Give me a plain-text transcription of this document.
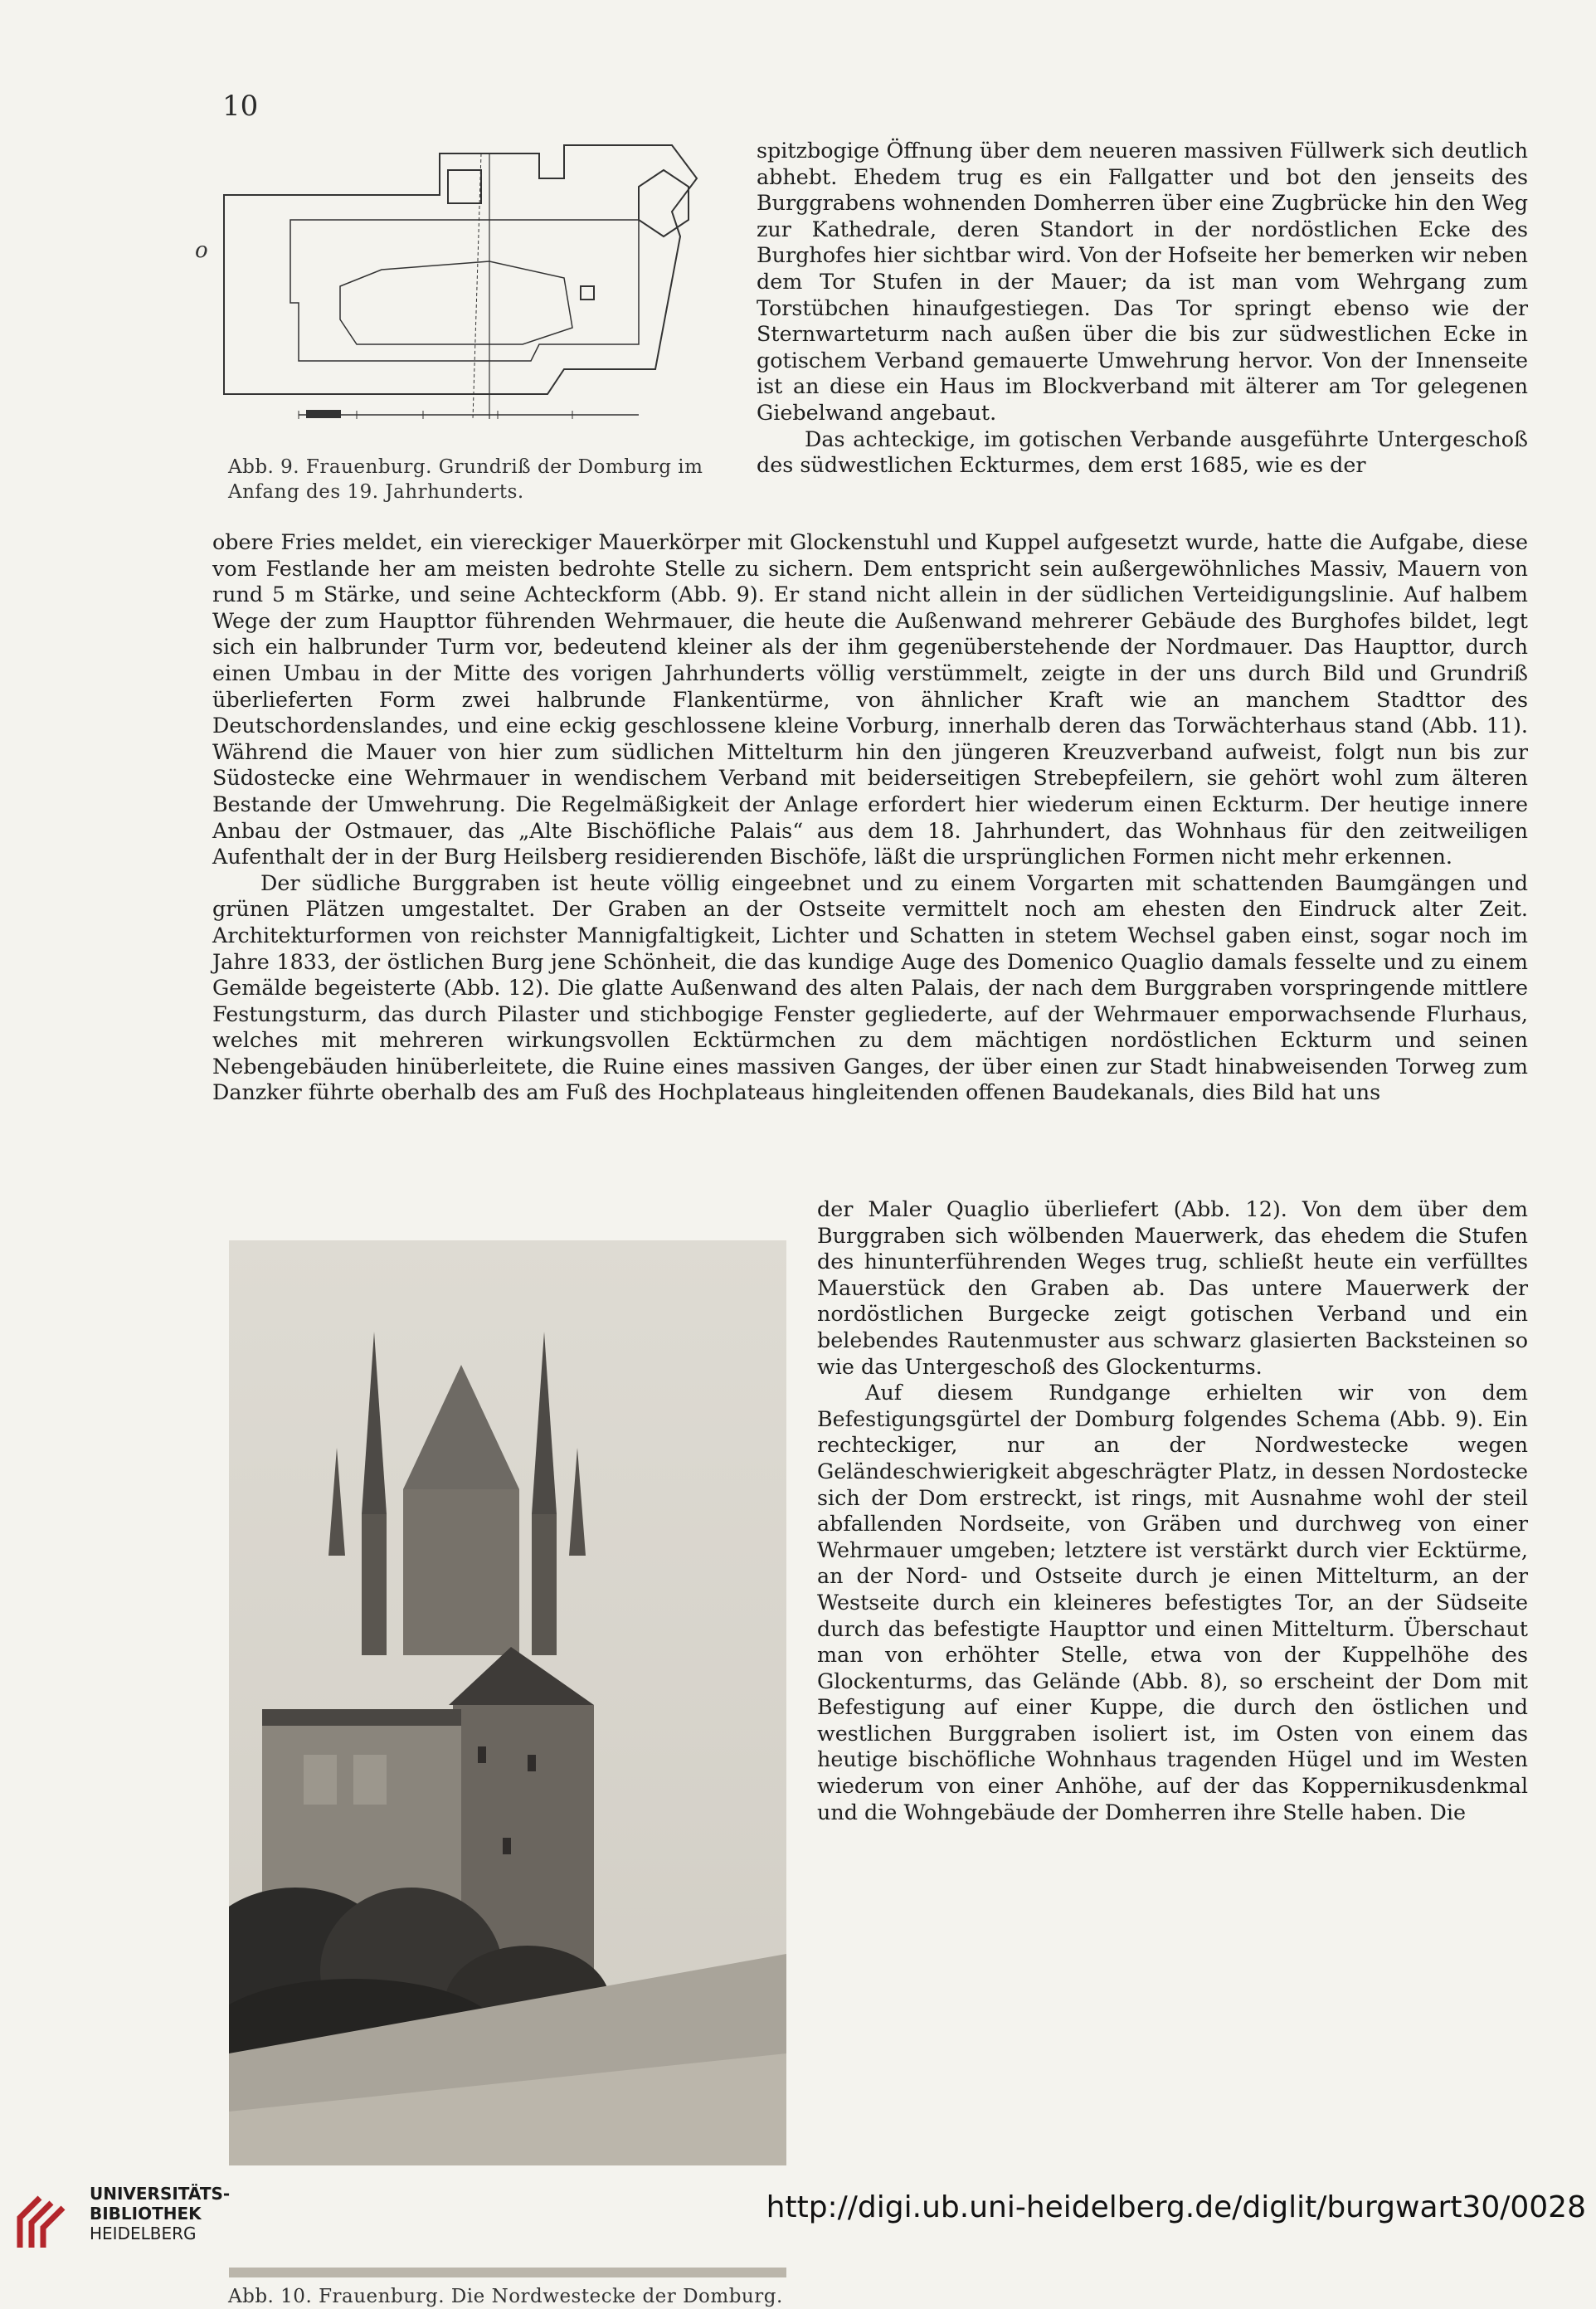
10
o
Abb. 9. Frauenburg. Grundriß der Domburg im Anfang des 19. Jahrhunderts.

spitzbogige Öffnung über dem neueren massiven Füllwerk sich deutlich abhebt. Ehedem trug es ein Fallgatter und bot den jenseits des Burggrabens wohnenden Domherren über eine Zugbrücke hin den Weg zur Kathedrale, deren Standort in der nordöstlichen Ecke des Burghofes hier sichtbar wird. Von der Hofseite her bemerken wir neben dem Tor Stufen in der Mauer; da ist man vom Wehrgang zum Torstübchen hinaufgestiegen. Das Tor springt ebenso wie der Sternwarteturm nach außen über die bis zur südwestlichen Ecke in gotischem Verband gemauerte Umwehrung hervor. Von der Innenseite ist an diese ein Haus im Blockverband mit älterer am Tor gelegenen Giebelwand angebaut.

Das achteckige, im gotischen Verbande ausgeführte Untergeschoß des südwestlichen Eckturmes, dem erst 1685, wie es der

obere Fries meldet, ein viereckiger Mauerkörper mit Glockenstuhl und Kuppel aufgesetzt wurde, hatte die Aufgabe, diese vom Festlande her am meisten bedrohte Stelle zu sichern. Dem entspricht sein außergewöhnliches Massiv, Mauern von rund 5 m Stärke, und seine Achteckform (Abb. 9). Er stand nicht allein in der südlichen Verteidigungslinie. Auf halbem Wege der zum Haupttor führenden Wehrmauer, die heute die Außenwand mehrerer Gebäude des Burghofes bildet, legt sich ein halbrunder Turm vor, bedeutend kleiner als der ihm gegenüberstehende der Nordmauer. Das Haupttor, durch einen Umbau in der Mitte des vorigen Jahrhunderts völlig verstümmelt, zeigte in der uns durch Bild und Grundriß überlieferten Form zwei halbrunde Flankentürme, von ähnlicher Kraft wie an manchem Stadttor des Deutschordenslandes, und eine eckig geschlossene kleine Vorburg, innerhalb deren das Torwächterhaus stand (Abb. 11). Während die Mauer von hier zum südlichen Mittelturm hin den jüngeren Kreuzverband aufweist, folgt nun bis zur Südostecke eine Wehrmauer in wendischem Verband mit beiderseitigen Strebepfeilern, sie gehört wohl zum älteren Bestande der Umwehrung. Die Regelmäßigkeit der Anlage erfordert hier wiederum einen Eckturm. Der heutige innere Anbau der Ostmauer, das „Alte Bischöfliche Palais“ aus dem 18. Jahrhundert, das Wohnhaus für den zeitweiligen Aufenthalt der in der Burg Heilsberg residierenden Bischöfe, läßt die ursprünglichen Formen nicht mehr erkennen.

Der südliche Burggraben ist heute völlig eingeebnet und zu einem Vorgarten mit schattenden Baumgängen und grünen Plätzen umgestaltet. Der Graben an der Ostseite vermittelt noch am ehesten den Eindruck alter Zeit. Architekturformen von reichster Mannigfaltigkeit, Lichter und Schatten in stetem Wechsel gaben einst, sogar noch im Jahre 1833, der östlichen Burg jene Schönheit, die das kundige Auge des Domenico Quaglio damals fesselte und zu einem Gemälde begeisterte (Abb. 12). Die glatte Außenwand des alten Palais, der nach dem Burggraben vorspringende mittlere Festungsturm, das durch Pilaster und stichbogige Fenster gegliederte, auf der Wehrmauer emporwachsende Flurhaus, welches mit mehreren wirkungsvollen Ecktürmchen zu dem mächtigen nordöstlichen Eckturm und seinen Nebengebäuden hinüberleitete, die Ruine eines massiven Ganges, der über einen zur Stadt hinabweisenden Torweg zum Danzker führte oberhalb des am Fuß des Hochplateaus hingleitenden offenen Baudekanals, dies Bild hat uns

Abb. 10. Frauenburg. Die Nordwestecke der Domburg.

der Maler Quaglio überliefert (Abb. 12). Von dem über dem Burggraben sich wölbenden Mauerwerk, das ehedem die Stufen des hinunterführenden Weges trug, schließt heute ein verfülltes Mauerstück den Graben ab. Das untere Mauerwerk der nordöstlichen Burgecke zeigt gotischen Verband und ein belebendes Rautenmuster aus schwarz glasierten Backsteinen so wie das Untergeschoß des Glockenturms.

Auf diesem Rundgange erhielten wir von dem Befestigungsgürtel der Domburg folgendes Schema (Abb. 9). Ein rechteckiger, nur an der Nordwestecke wegen Geländeschwierigkeit abgeschrägter Platz, in dessen Nordostecke sich der Dom erstreckt, ist rings, mit Ausnahme wohl der steil abfallenden Nordseite, von Gräben und durchweg von einer Wehrmauer umgeben; letztere ist verstärkt durch vier Ecktürme, an der Nord- und Ostseite durch je einen Mittelturm, an der Westseite durch ein kleineres befestigtes Tor, an der Südseite durch das befestigte Haupttor und einen Mittelturm. Überschaut man von erhöhter Stelle, etwa von der Kuppelhöhe des Glockenturms, das Gelände (Abb. 8), so erscheint der Dom mit Befestigung auf einer Kuppe, die durch den östlichen und westlichen Burggraben isoliert ist, im Osten von einem das heutige bischöfliche Wohnhaus tragenden Hügel und im Westen wiederum von einer Anhöhe, auf der das Koppernikusdenkmal und die Wohngebäude der Domherren ihre Stelle haben. Die

UNIVERSITÄTS-
BIBLIOTHEK
HEIDELBERG
http://digi.ub.uni-heidelberg.de/diglit/burgwart30/0028
